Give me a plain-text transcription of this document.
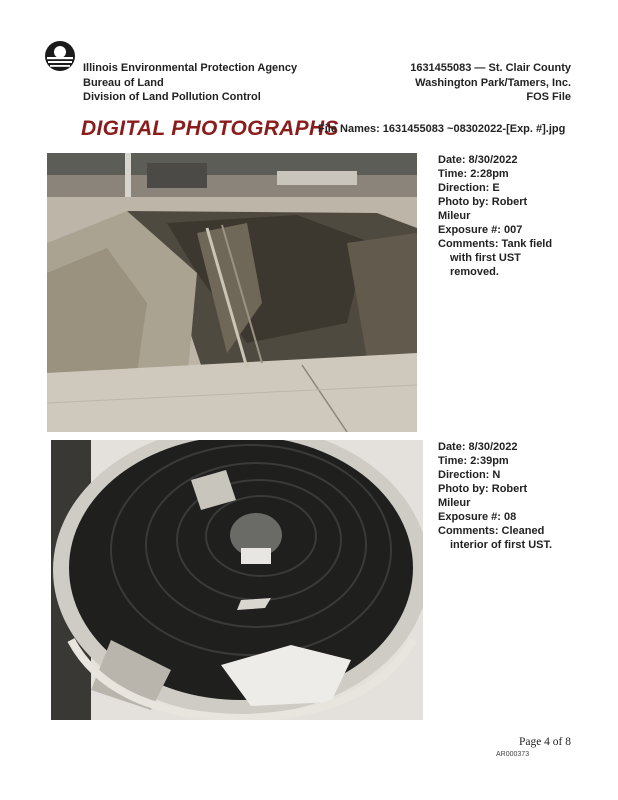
Illinois Environmental Protection Agency
Bureau of Land
Division of Land Pollution Control
1631455083 — St. Clair County
Washington Park/Tamers, Inc.
FOS File
DIGITAL PHOTOGRAPHS
File Names: 1631455083 ~08302022-[Exp. #].jpg
Date: 8/30/2022
Time: 2:28pm
Direction: E
Photo by: Robert
Mileur
Exposure #: 007
Comments: Tank field
with first UST
removed.
Date: 8/30/2022
Time: 2:39pm
Direction: N
Photo by: Robert
Mileur
Exposure #: 08
Comments: Cleaned
interior of first UST.
Page 4 of 8
AR000373
